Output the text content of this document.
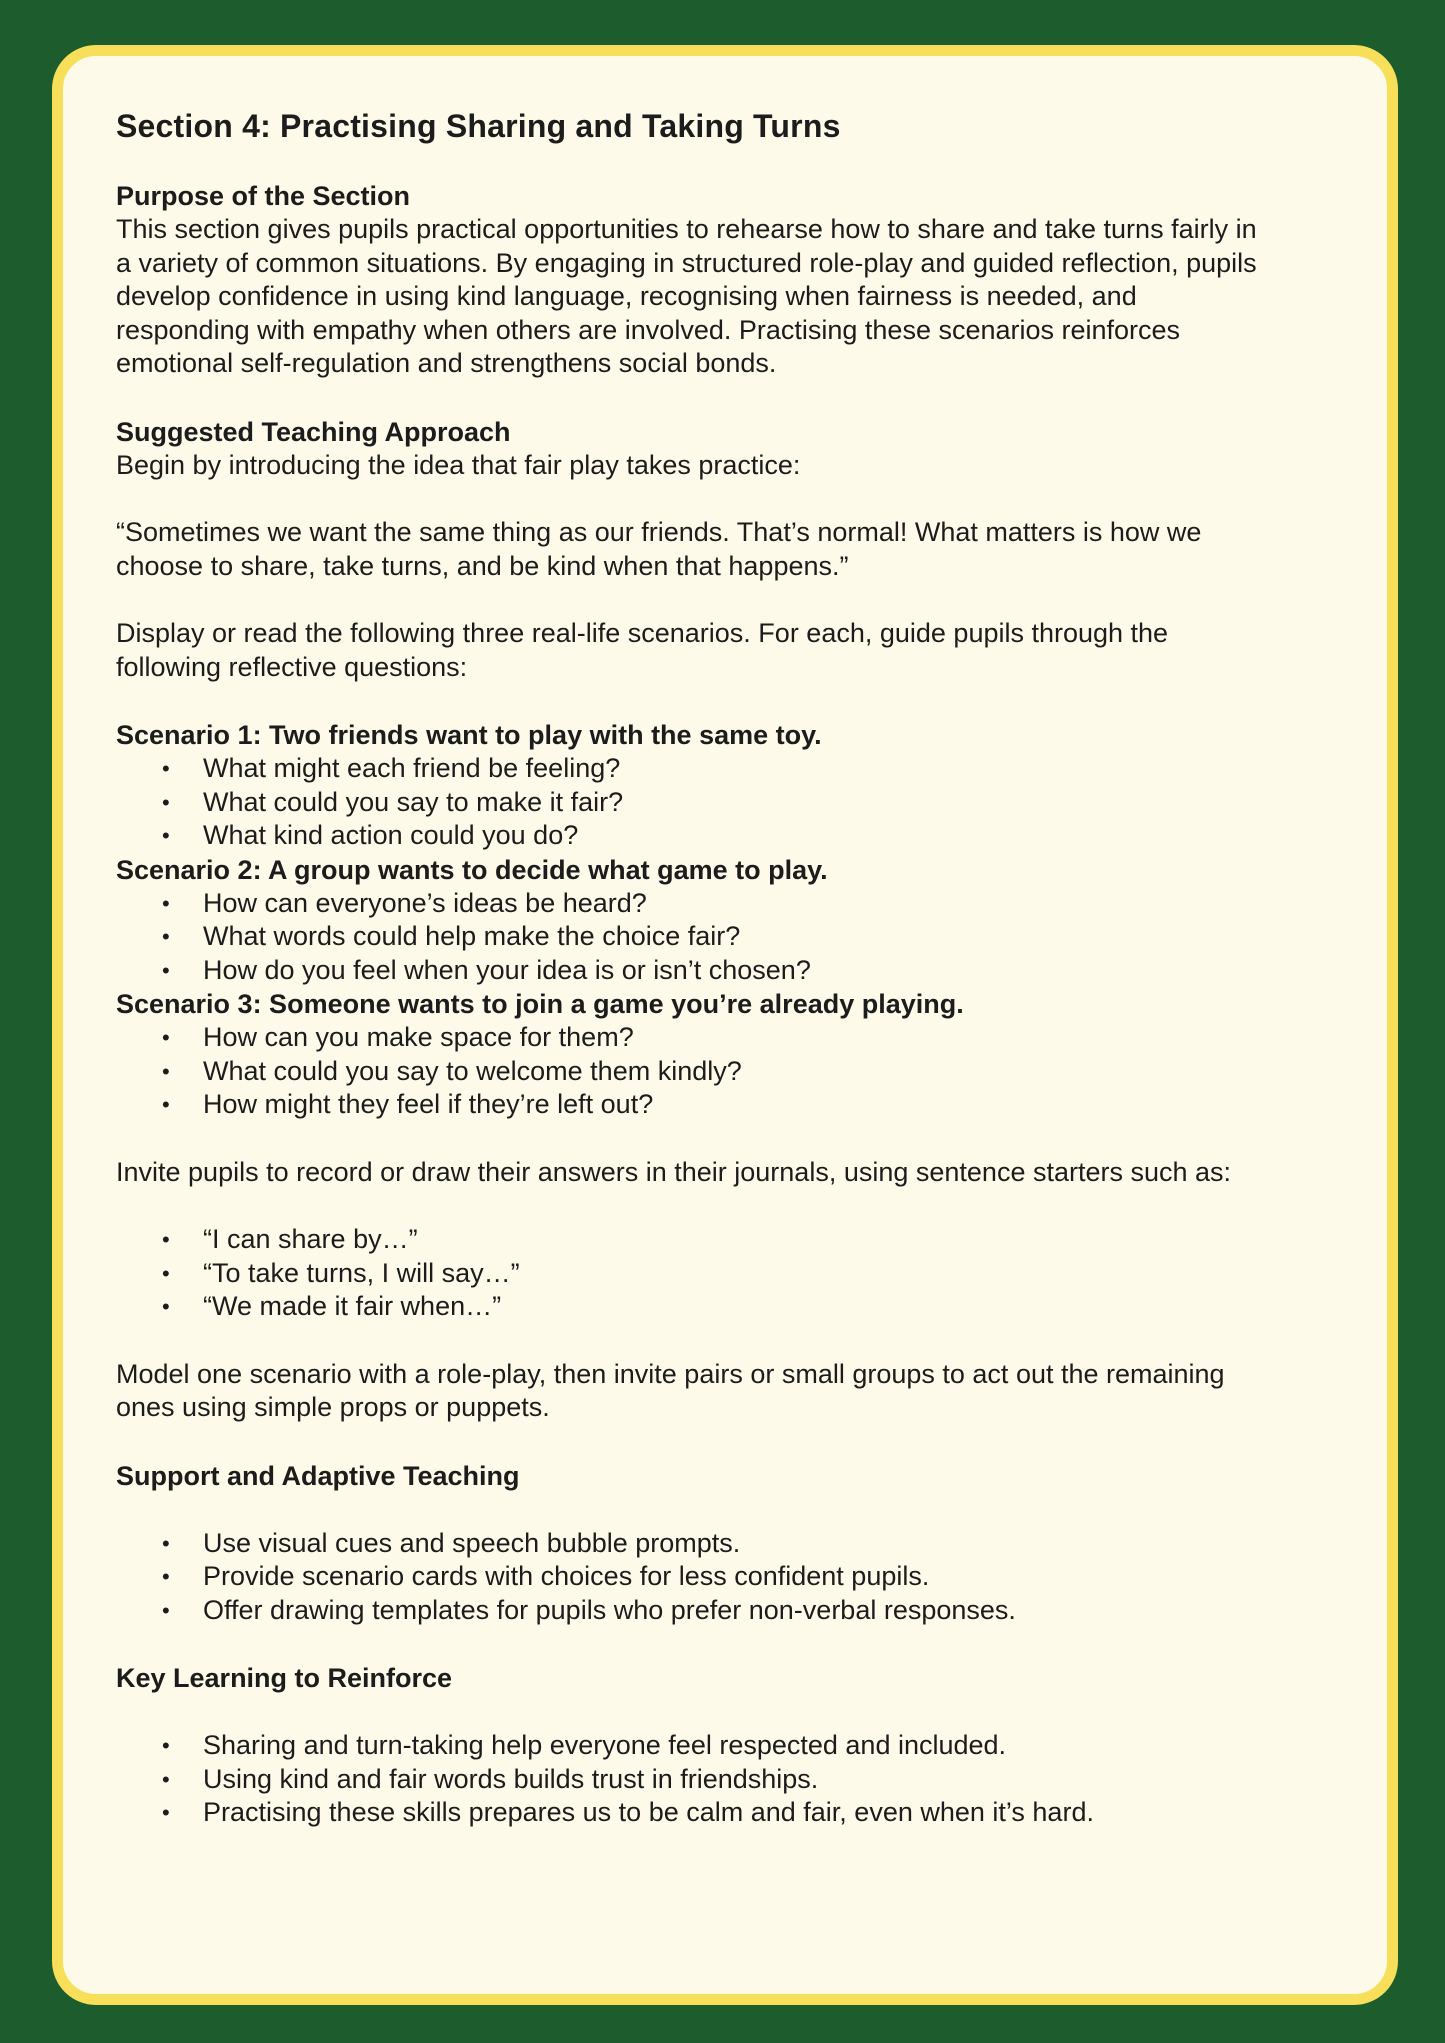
Section 4: Practising Sharing and Taking Turns
Purpose of the Section

This section gives pupils practical opportunities to rehearse how to share and take turns fairly in

a variety of common situations. By engaging in structured role-play and guided reflection, pupils

develop confidence in using kind language, recognising when fairness is needed, and

responding with empathy when others are involved. Practising these scenarios reinforces

emotional self-regulation and strengthens social bonds.

Suggested Teaching Approach

Begin by introducing the idea that fair play takes practice:

“Sometimes we want the same thing as our friends. That’s normal! What matters is how we

choose to share, take turns, and be kind when that happens.”

Display or read the following three real-life scenarios. For each, guide pupils through the

following reflective questions:

Scenario 1: Two friends want to play with the same toy.
• What might each friend be feeling?
• What could you say to make it fair?
• What kind action could you do?
Scenario 2: A group wants to decide what game to play.
• How can everyone’s ideas be heard?
• What words could help make the choice fair?
• How do you feel when your idea is or isn’t chosen?
Scenario 3: Someone wants to join a game you’re already playing.
• How can you make space for them?
• What could you say to welcome them kindly?
• How might they feel if they’re left out?

Invite pupils to record or draw their answers in their journals, using sentence starters such as:

• “I can share by…”
• “To take turns, I will say…”
• “We made it fair when…”

Model one scenario with a role-play, then invite pairs or small groups to act out the remaining

ones using simple props or puppets.

Support and Adaptive Teaching
• Use visual cues and speech bubble prompts.
• Provide scenario cards with choices for less confident pupils.
• Offer drawing templates for pupils who prefer non-verbal responses.
Key Learning to Reinforce
• Sharing and turn-taking help everyone feel respected and included.
• Using kind and fair words builds trust in friendships.
• Practising these skills prepares us to be calm and fair, even when it’s hard.
